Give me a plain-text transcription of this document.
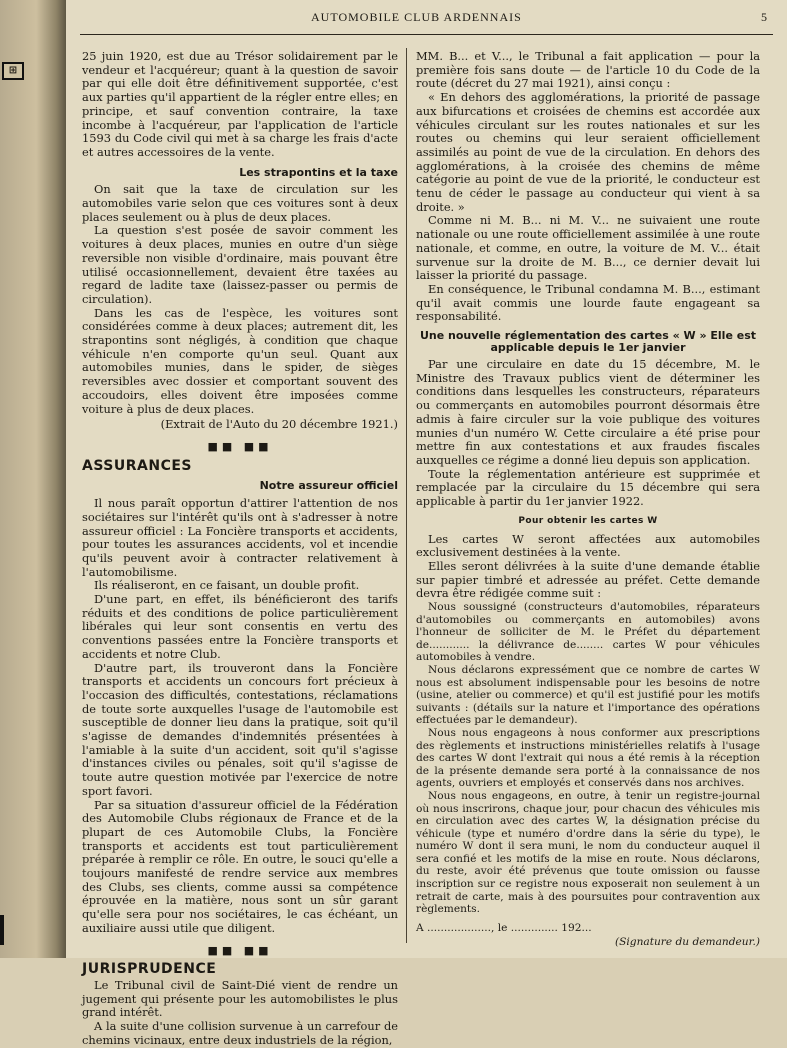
⊞
AUTOMOBILE CLUB ARDENNAIS	5

25 juin 1920, est due au Trésor solidairement par le vendeur et l'acquéreur; quant à la question de savoir par qui elle doit être définitivement supportée, c'est aux parties qu'il appartient de la régler entre elles; en principe, et sauf convention contraire, la taxe incombe à l'acquéreur, par l'application de l'article 1593 du Code civil qui met à sa charge les frais d'acte et autres accessoires de la vente.

Les strapontins et la taxe

On sait que la taxe de circulation sur les automobiles varie selon que ces voitures sont à deux places seulement ou à plus de deux places.

La question s'est posée de savoir comment les voitures à deux places, munies en outre d'un siège reversible non visible d'ordinaire, mais pouvant être utilisé occasionnellement, devaient être taxées au regard de ladite taxe (laissez-passer ou permis de circulation).

Dans les cas de l'espèce, les voitures sont considérées comme à deux places; autrement dit, les strapontins sont négligés, à condition que chaque véhicule n'en comporte qu'un seul. Quant aux automobiles munies, dans le spider, de sièges reversibles avec dossier et comportant souvent des accoudoirs, elles doivent être imposées comme voiture à plus de deux places.

(Extrait de l'Auto du 20 décembre 1921.)
■■ ■■
ASSURANCES
Notre assureur officiel

Il nous paraît opportun d'attirer l'attention de nos sociétaires sur l'intérêt qu'ils ont à s'adresser à notre assureur officiel : La Foncière transports et accidents, pour toutes les assurances accidents, vol et incendie qu'ils peuvent avoir à contracter relativement à l'automobilisme.

Ils réaliseront, en ce faisant, un double profit.

D'une part, en effet, ils bénéficieront des tarifs réduits et des conditions de police particulièrement libérales qui leur sont consentis en vertu des conventions passées entre la Foncière transports et accidents et notre Club.

D'autre part, ils trouveront dans la Foncière transports et accidents un concours fort précieux à l'occasion des difficultés, contestations, réclamations de toute sorte auxquelles l'usage de l'automobile est susceptible de donner lieu dans la pratique, soit qu'il s'agisse de demandes d'indemnités présentées à l'amiable à la suite d'un accident, soit qu'il s'agisse d'instances civiles ou pénales, soit qu'il s'agisse de toute autre question motivée par l'exercice de notre sport favori.

Par sa situation d'assureur officiel de la Fédération des Automobile Clubs régionaux de France et de la plupart de ces Automobile Clubs, la Foncière transports et accidents est tout particulièrement préparée à remplir ce rôle. En outre, le souci qu'elle a toujours manifesté de rendre service aux membres des Clubs, ses clients, comme aussi sa compétence éprouvée en la matière, nous sont un sûr garant qu'elle sera pour nos sociétaires, le cas échéant, un auxiliaire aussi utile que diligent.

■■ ■■
JURISPRUDENCE

Le Tribunal civil de Saint-Dié vient de rendre un jugement qui présente pour les automobilistes le plus grand intérêt.

A la suite d'une collision survenue à un carrefour de chemins vicinaux, entre deux industriels de la région,

MM. B... et V..., le Tribunal a fait application — pour la première fois sans doute — de l'article 10 du Code de la route (décret du 27 mai 1921), ainsi conçu :

« En dehors des agglomérations, la priorité de passage aux bifurcations et croisées de chemins est accordée aux véhicules circulant sur les routes nationales et sur les routes ou chemins qui leur seraient officiellement assimilés au point de vue de la circulation. En dehors des agglomérations, à la croisée des chemins de même catégorie au point de vue de la priorité, le conducteur est tenu de céder le passage au conducteur qui vient à sa droite. »

Comme ni M. B... ni M. V... ne suivaient une route nationale ou une route officiellement assimilée à une route nationale, et comme, en outre, la voiture de M. V... était survenue sur la droite de M. B..., ce dernier devait lui laisser la priorité du passage.

En conséquence, le Tribunal condamna M. B..., estimant qu'il avait commis une lourde faute engageant sa responsabilité.

Une nouvelle réglementation des cartes « W » Elle est applicable depuis le 1er janvier

Par une circulaire en date du 15 décembre, M. le Ministre des Travaux publics vient de déterminer les conditions dans lesquelles les constructeurs, réparateurs ou commerçants en automobiles pourront désormais être admis à faire circuler sur la voie publique des voitures munies d'un numéro W. Cette circulaire a été prise pour mettre fin aux contestations et aux fraudes fiscales auxquelles ce régime a donné lieu depuis son application.

Toute la réglementation antérieure est supprimée et remplacée par la circulaire du 15 décembre qui sera applicable à partir du 1er janvier 1922.

Pour obtenir les cartes W

Les cartes W seront affectées aux automobiles exclusivement destinées à la vente.

Elles seront délivrées à la suite d'une demande établie sur papier timbré et adressée au préfet. Cette demande devra être rédigée comme suit :

Nous soussigné (constructeurs d'automobiles, réparateurs d'automobiles ou commerçants en automobiles) avons l'honneur de solliciter de M. le Préfet du département de............ la délivrance de........ cartes W pour véhicules automobiles à vendre.

Nous déclarons expressément que ce nombre de cartes W nous est absolument indispensable pour les besoins de notre (usine, atelier ou commerce) et qu'il est justifié pour les motifs suivants : (détails sur la nature et l'importance des opérations effectuées par le demandeur).

Nous nous engageons à nous conformer aux prescriptions des règlements et instructions ministérielles relatifs à l'usage des cartes W dont l'extrait qui nous a été remis à la réception de la présente demande sera porté à la connaissance de nos agents, ouvriers et employés et conservés dans nos archives.

Nous nous engageons, en outre, à tenir un registre-journal où nous inscrirons, chaque jour, pour chacun des véhicules mis en circulation avec des cartes W, la désignation précise du véhicule (type et numéro d'ordre dans la série du type), le numéro W dont il sera muni, le nom du conducteur auquel il sera confié et les motifs de la mise en route. Nous déclarons, du reste, avoir été prévenus que toute omission ou fausse inscription sur ce registre nous exposerait non seulement à un retrait de carte, mais à des poursuites pour contravention aux règlements.

A ..................., le .............. 192...
(Signature du demandeur.)
